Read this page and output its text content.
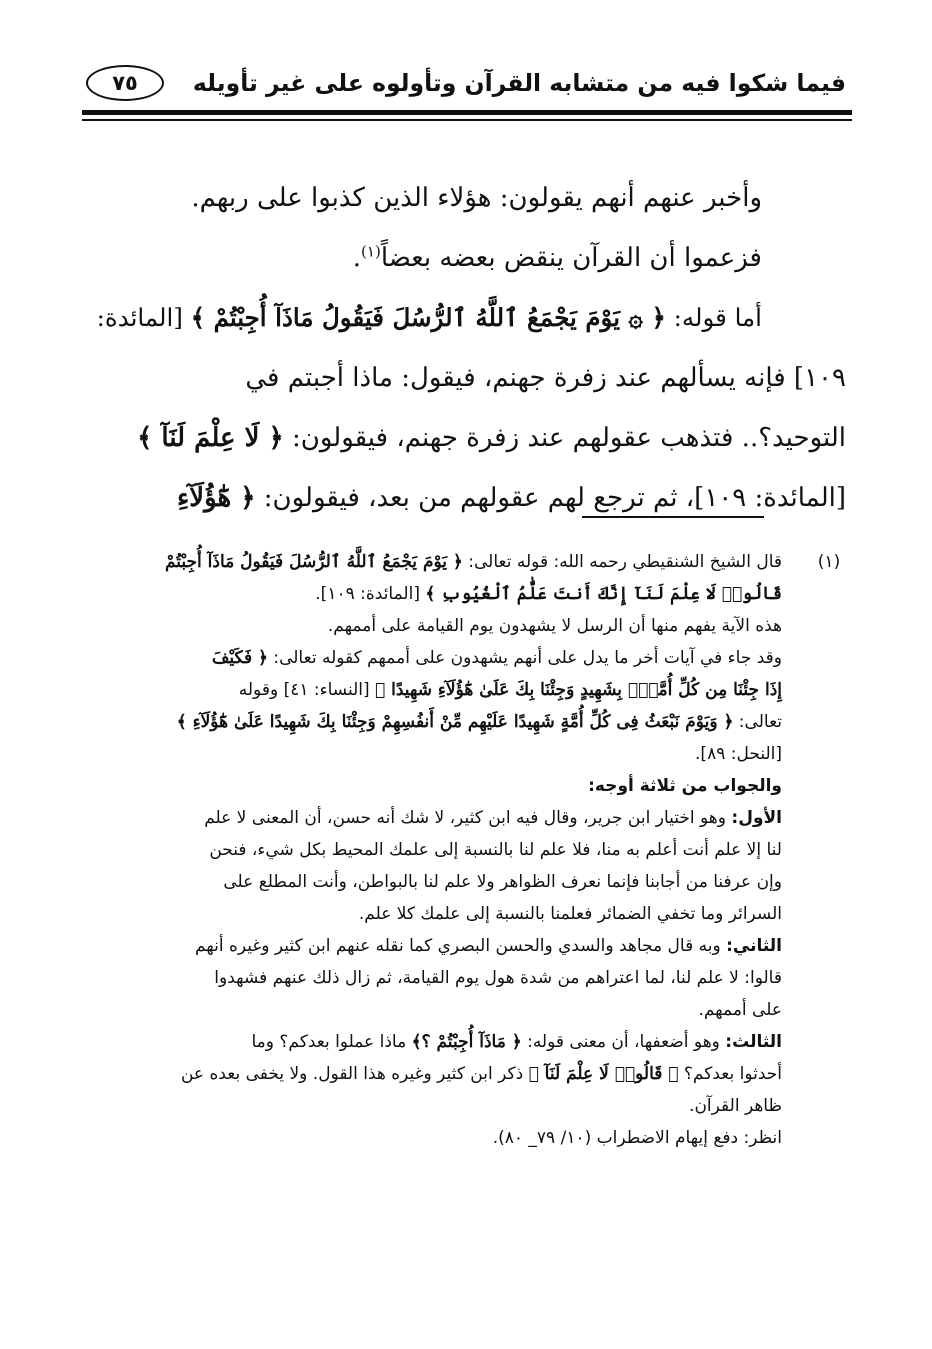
فيما شكوا فيه من متشابه القرآن وتأولوه على غير تأويله
٧٥

وأخبر عنهم أنهم يقولون: هؤلاء الذين كذبوا على ربهم.

فزعموا أن القرآن ينقض بعضه بعضاً$^{(١)}$.

أما قوله: ﴿ ۞ يَوْمَ يَجْمَعُ ٱللَّهُ ٱلرُّسُلَ فَيَقُولُ مَاذَآ أُجِبْتُمْ ﴾ [المائدة:

١٠٩] فإنه يسألهم عند زفرة جهنم، فيقول: ماذا أجبتم في

التوحيد؟.. فتذهب عقولهم عند زفرة جهنم، فيقولون: ﴿ لَا عِلْمَ لَنَآ ﴾

[المائدة: ١٠٩]، ثم ترجع لهم عقولهم من بعد، فيقولون: ﴿ هَٰٓؤُلَآءِ

(١)

قال الشيخ الشنقيطي رحمه الله: قوله تعالى: ﴿ يَوْمَ يَجْمَعُ ٱللَّهُ ٱلرُّسُلَ فَيَقُولُ مَاذَآ أُجِبْتُمْ

قَالُوا۟ لَا عِلْمَ لَنَآ إِنَّكَ أَنتَ عَلَّٰمُ ٱلْغُيُوبِ ﴾ [المائدة: ١٠٩].

هذه الآية يفهم منها أن الرسل لا يشهدون يوم القيامة على أممهم.

وقد جاء في آيات أخر ما يدل على أنهم يشهدون على أممهم كقوله تعالى: ﴿ فَكَيْفَ

إِذَا جِئْنَا مِن كُلِّ أُمَّةٍۭ بِشَهِيدٍ وَجِئْنَا بِكَ عَلَىٰ هَٰٓؤُلَآءِ شَهِيدًا ﴾ [النساء: ٤١] وقوله

تعالى: ﴿ وَيَوْمَ نَبْعَثُ فِى كُلِّ أُمَّةٍ شَهِيدًا عَلَيْهِم مِّنْ أَنفُسِهِمْ وَجِئْنَا بِكَ شَهِيدًا عَلَىٰ هَٰٓؤُلَآءِ ﴾

[النحل: ٨٩].

والجواب من ثلاثة أوجه:

الأول: وهو اختيار ابن جرير، وقال فيه ابن كثير، لا شك أنه حسن، أن المعنى لا علم

لنا إلا علم أنت أعلم به منا، فلا علم لنا بالنسبة إلى علمك المحيط بكل شيء، فنحن

وإن عرفنا من أجابنا فإنما نعرف الظواهر ولا علم لنا بالبواطن، وأنت المطلع على

السرائر وما تخفي الضمائر فعلمنا بالنسبة إلى علمك كلا علم.

الثاني: وبه قال مجاهد والسدي والحسن البصري كما نقله عنهم ابن كثير وغيره أنهم

قالوا: لا علم لنا، لما اعتراهم من شدة هول يوم القيامة، ثم زال ذلك عنهم فشهدوا

على أممهم.

الثالث: وهو أضعفها، أن معنى قوله: ﴿ مَاذَآ أُجِبْتُمْ ؟﴾ ماذا عملوا بعدكم؟ وما

أحدثوا بعدكم؟ ﴿ قَالُوا۟ لَا عِلْمَ لَنَآ ﴾ ذكر ابن كثير وغيره هذا القول. ولا يخفى بعده عن

ظاهر القرآن.

انظر: دفع إيهام الاضطراب (١٠/ ٧٩_ ٨٠).
